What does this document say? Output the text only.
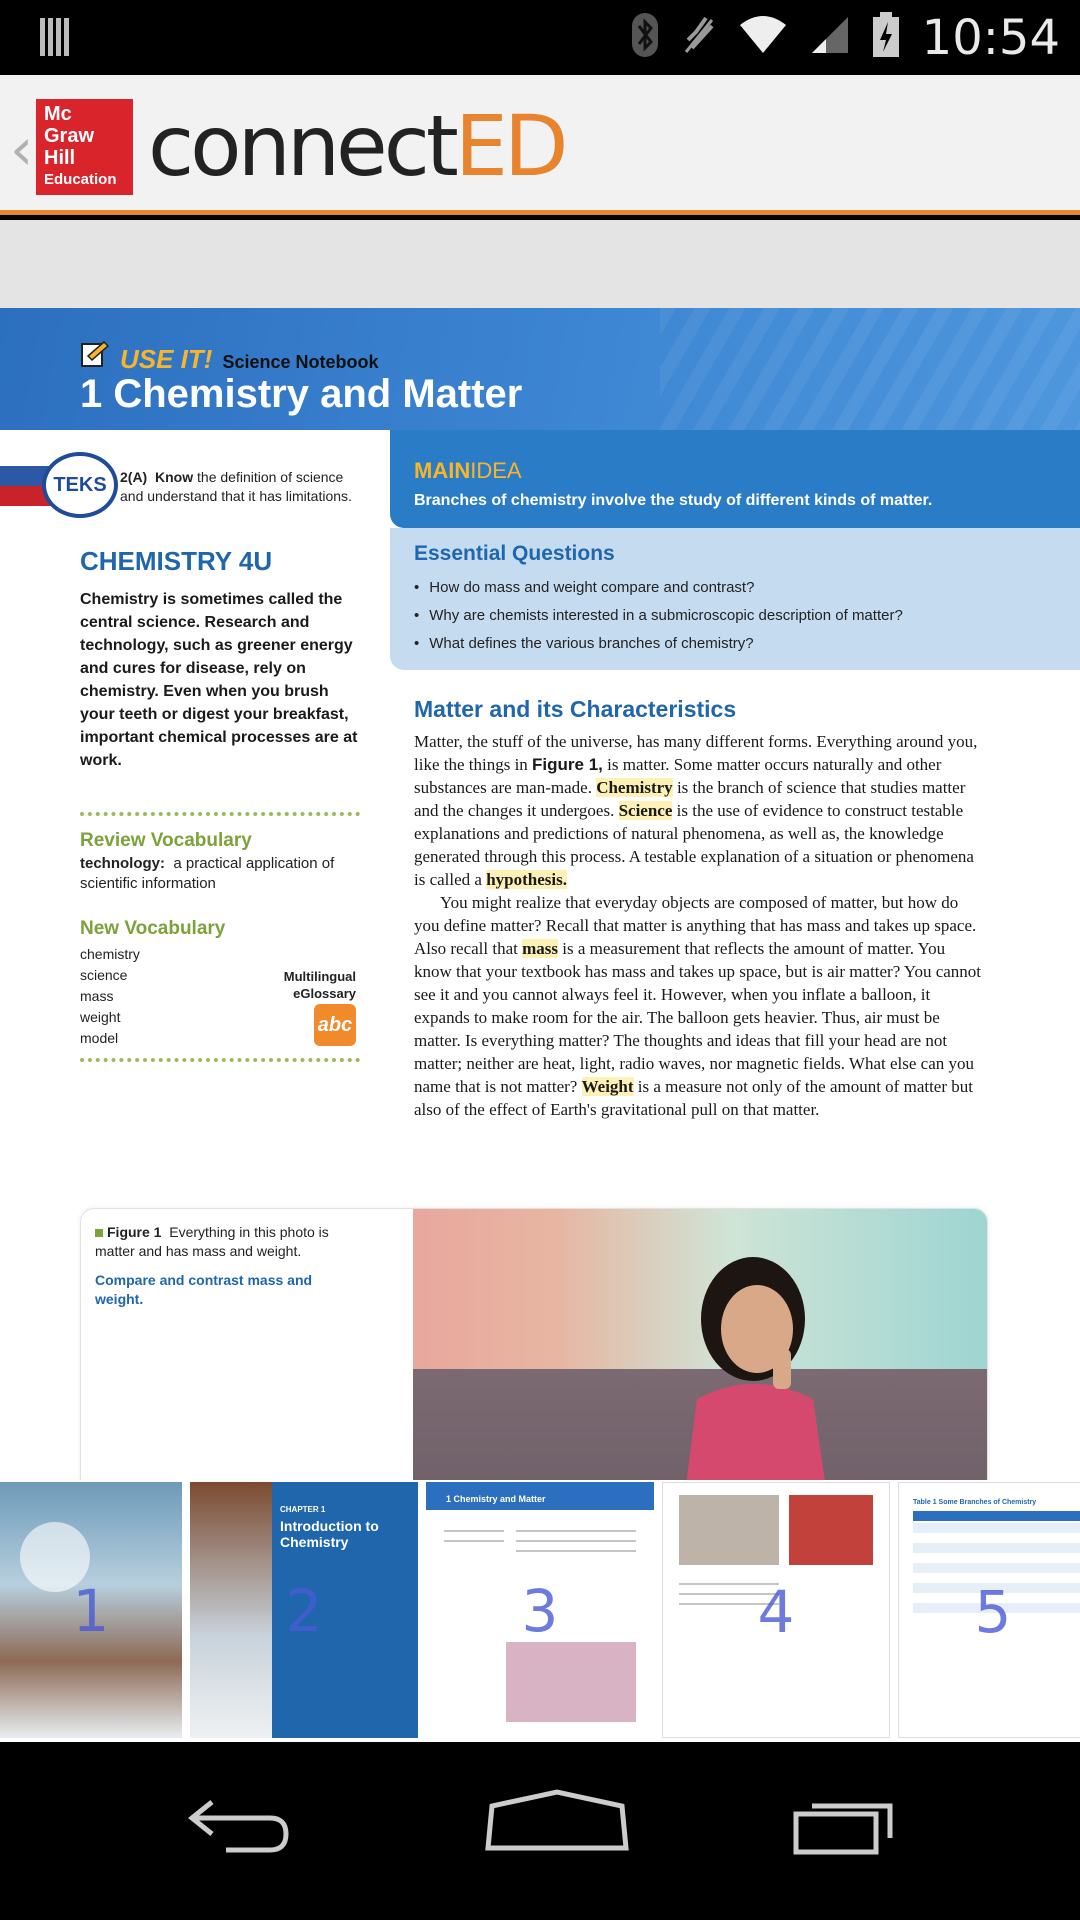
10:54
‹
Mc
Graw
Hill
Education connectED
USE IT! Science Notebook
1 Chemistry and Matter
TEKS 2(A) Know the definition of science and understand that it has limitations.
CHEMISTRY 4U
Chemistry is sometimes called the central science. Research and technology, such as greener energy and cures for disease, rely on chemistry. Even when you brush your teeth or digest your breakfast, important chemical processes are at work.
Review Vocabulary
technology: a practical application of scientific information
New Vocabulary
chemistry
science
mass
weight
model
Multilingual eGlossary
abc
MAINIDEA
Branches of chemistry involve the study of different kinds of matter.
Essential Questions
• How do mass and weight compare and contrast?
• Why are chemists interested in a submicroscopic description of matter?
• What defines the various branches of chemistry?
Matter and its Characteristics

Matter, the stuff of the universe, has many different forms. Everything around you, like the things in Figure 1, is matter. Some matter occurs naturally and other substances are man-made. Chemistry is the branch of science that studies matter and the changes it undergoes. Science is the use of evidence to construct testable explanations and predictions of natural phenomena, as well as, the knowledge generated through this process. A testable explanation of a situation or phenomena is called a hypothesis.

You might realize that everyday objects are composed of matter, but how do you define matter? Recall that matter is anything that has mass and takes up space. Also recall that mass is a measurement that reflects the amount of matter. You know that your textbook has mass and takes up space, but is air matter? You cannot see it and you cannot always feel it. However, when you inflate a balloon, it expands to make room for the air. The balloon gets heavier. Thus, air must be matter. Is everything matter? The thoughts and ideas that fill your head are not matter; neither are heat, light, radio waves, nor magnetic fields. What else can you name that is not matter? Weight is a measure not only of the amount of matter but also of the effect of Earth's gravitational pull on that matter.

Figure 1 Everything in this photo is matter and has mass and weight.
Compare and contrast mass and weight.
1
CHAPTER 1
Introduction to Chemistry
2
1 Chemistry and Matter
3	4
Table 1 Some Branches of Chemistry
5
